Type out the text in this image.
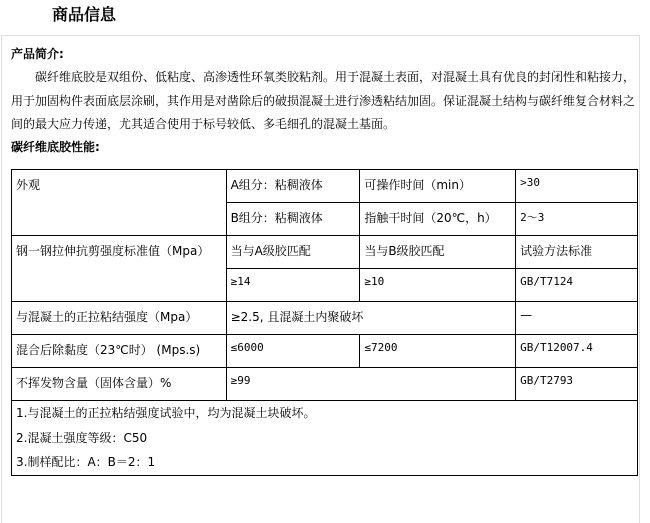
商品信息
产品简介:
碳纤维底胶是双组份、低粘度、高渗透性环氧类胶粘剂。用于混凝土表面，对混凝土具有优良的封闭性和粘接力，用于加固构件表面底层涂刷，其作用是对凿除后的破损混凝土进行渗透粘结加固。保证混凝土结构与碳纤维复合材料之间的最大应力传递，尤其适合使用于标号较低、多毛细孔的混凝土基面。
碳纤维底胶性能:
外观	A组分：粘稠液体	可操作时间（min）	>30
	B组分：粘稠液体	指触干时间（20℃，h）	2～3
钢一钢拉伸抗剪强度标准值（Mpa）	当与A级胶匹配	当与B级胶匹配	试验方法标准
	≥14	≥10	GB/T7124
与混凝土的正拉粘结强度（Mpa）	≥2.5, 且混凝土内聚破坏		—
混合后除黏度（23℃时） (Mps.s)	≤6000	≤7200	GB/T12007.4
不挥发物含量（固体含量）%	≥99		GB/T2793

1.与混凝土的正拉粘结强度试验中，均为混凝土块破坏。
2.混凝土强度等级：C50
3.制样配比：A：B＝2：1			
